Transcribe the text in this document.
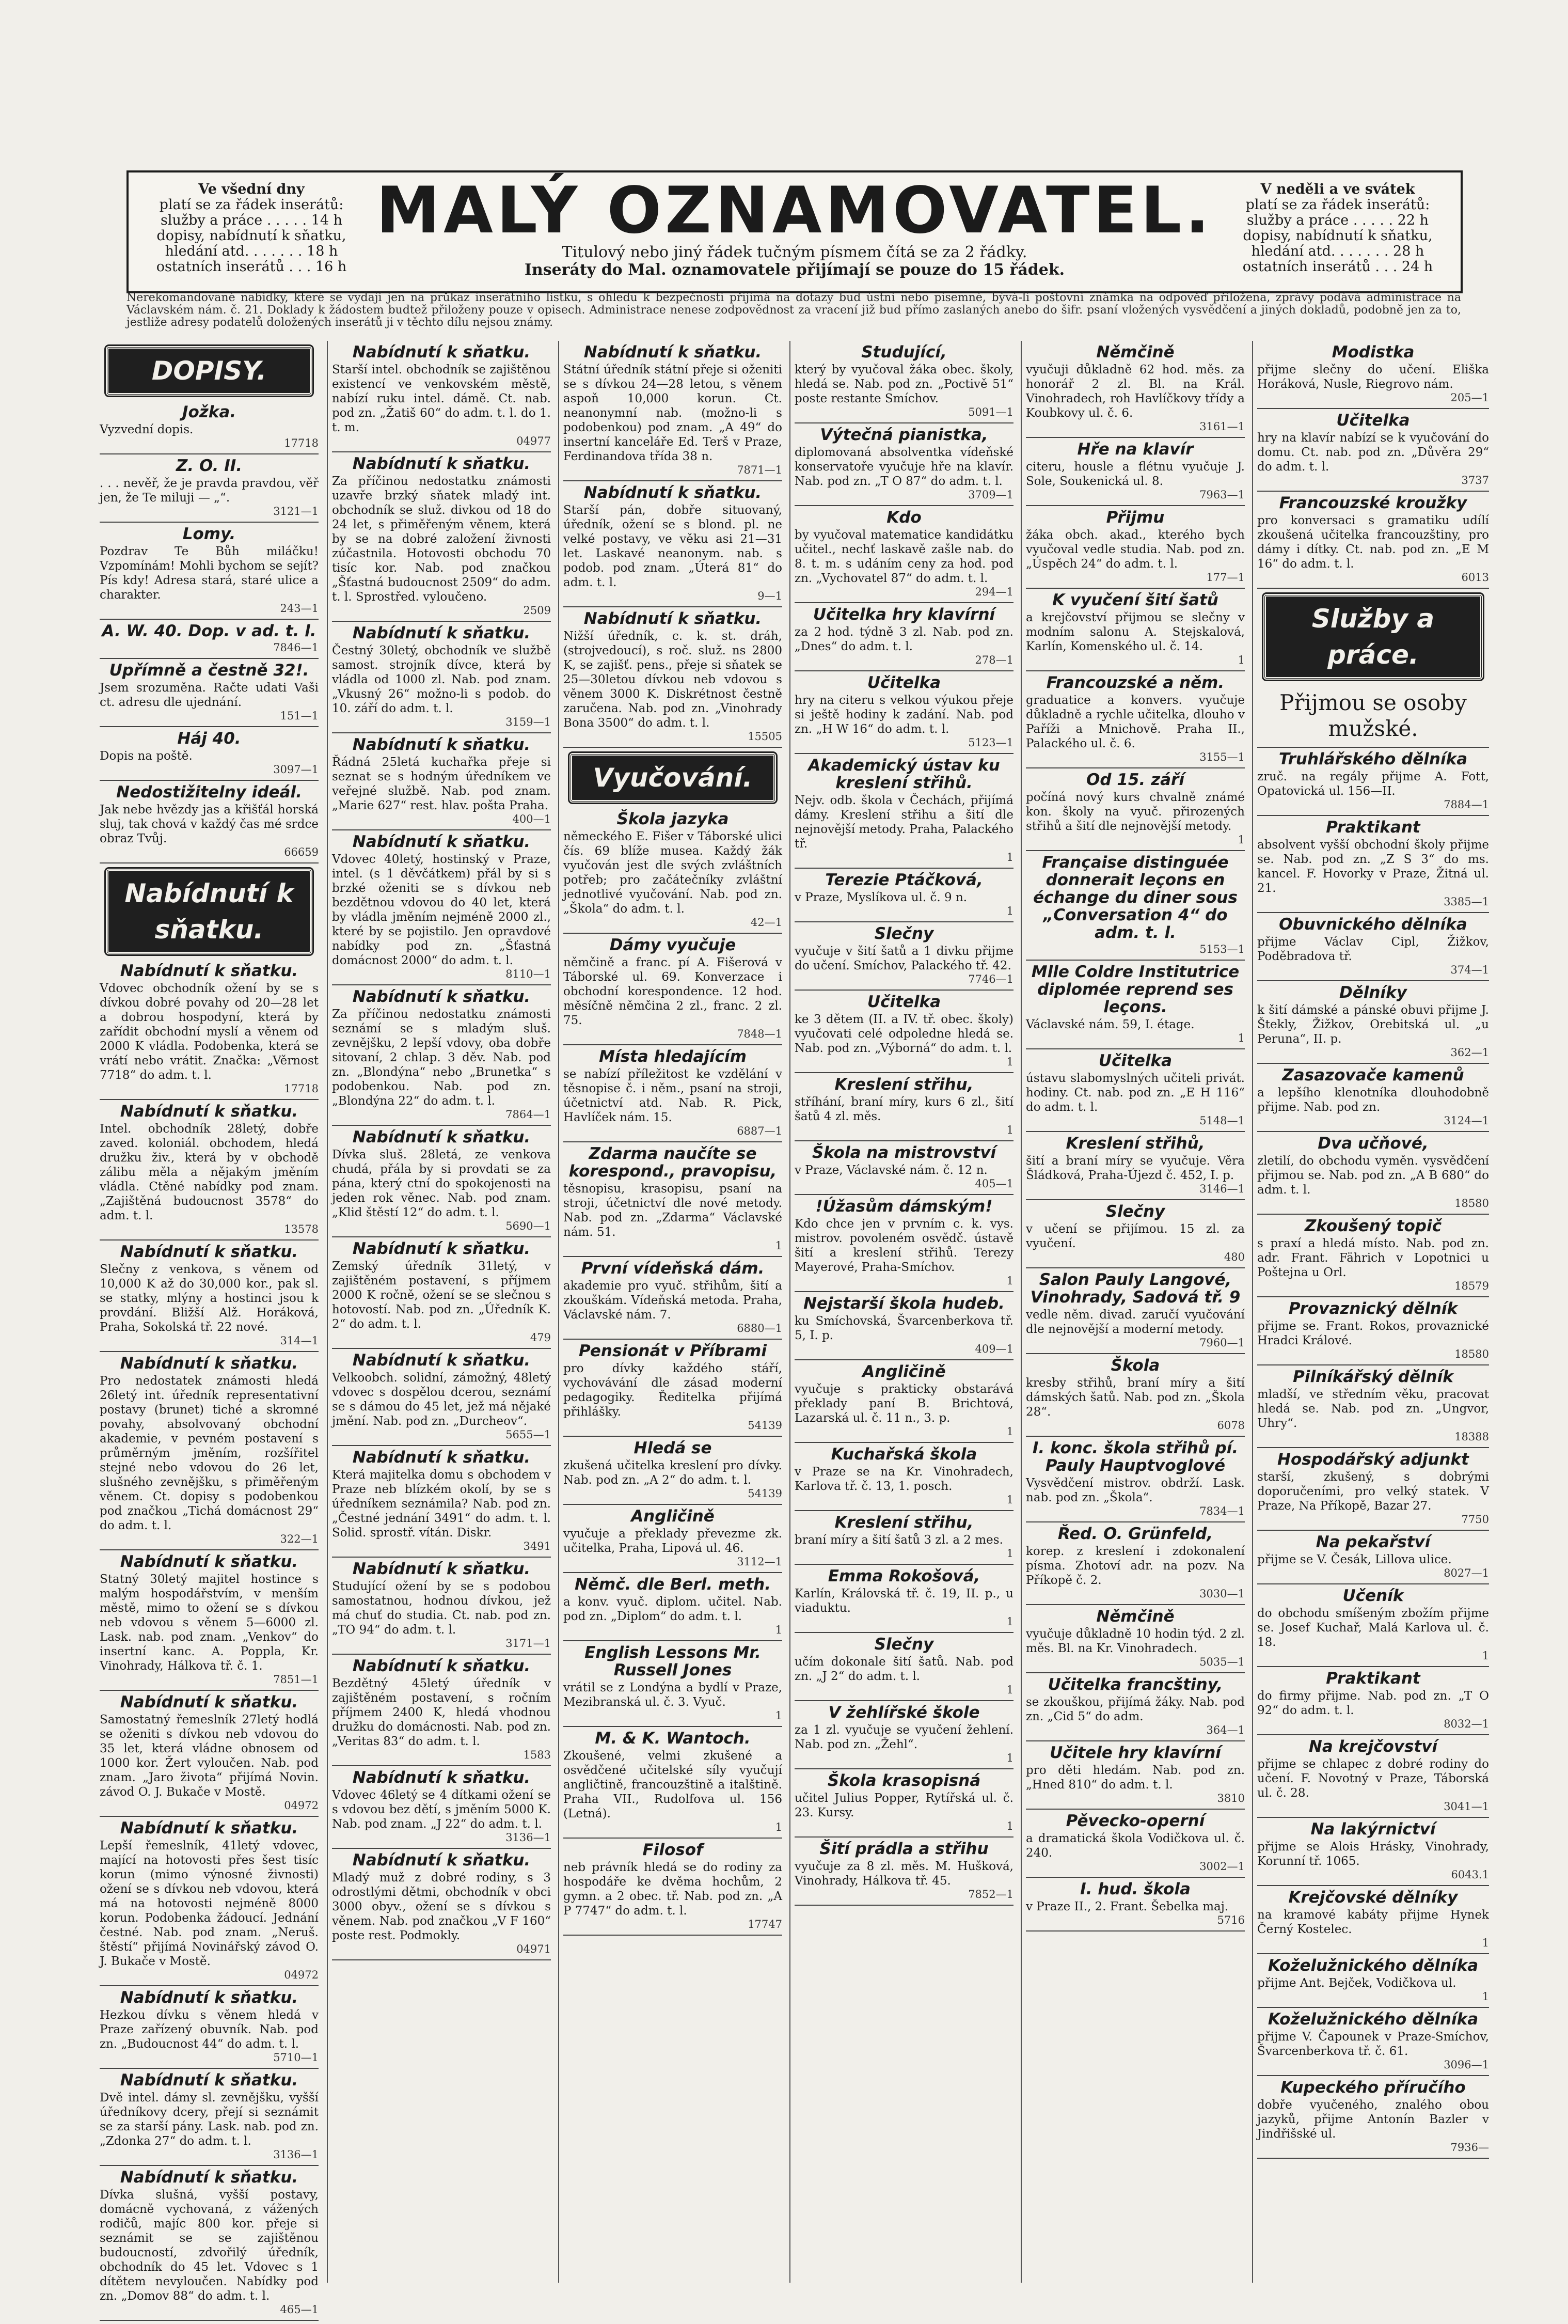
Ve všední dny
platí se za řádek inserátů:
služby a práce . . . . . 14 h
dopisy, nabídnutí k sňatku,
hledání atd. . . . . . . 18 h
ostatních inserátů . . . 16 h
MALÝ OZNAMOVATEL.
Titulový nebo jiný řádek tučným písmem čítá se za 2 řádky.
Inseráty do Mal. oznamovatele přijímají se pouze do 15 řádek.
V neděli a ve svátek
platí se za řádek inserátů:
služby a práce . . . . . 22 h
dopisy, nabídnutí k sňatku,
hledání atd. . . . . . . 28 h
ostatních inserátů . . . 24 h
Nerekomandované nabídky, které se vydají jen na průkaz inserátního lístku, s ohledu k bezpečnosti přijímá na dotazy bud ústní nebo písemné, bývá-li poštovní známka na odpověď přiložena, zprávy podává administrace na Václavském nám. č. 21. Doklady k žádostem budtež přiloženy pouze v opisech. Administrace nenese zodpovědnost za vracení již bud přímo zaslaných anebo do šifr. psaní vložených vysvědčení a jiných dokladů, podobně jen za to, jestliže adresy podatelů doložených inserátů ji v těchto dílu nejsou známy.
DOPISY.
Jožka.

Vyzvední dopis.

17718
Z. O. II.

. . . nevěř, že je pravda pravdou, věř jen, že Te miluji — „“.

3121—1
Lomy.

Pozdrav Te Bůh miláčku! Vzpomínám! Mohli bychom se sejít? Pís kdy! Adresa stará, staré ulice a charakter.

243—1
A. W. 40. Dop. v ad. t. l.
7846—1
Upřímně a čestně 32!.

Jsem srozuměna. Račte udati Vaši ct. adresu dle ujednání.

151—1
Háj 40.

Dopis na poště.

3097—1
Nedostižitelny ideál.

Jak nebe hvězdy jas a křišťál horská sluj, tak chová v každý čas mé srdce obraz Tvůj.

66659
Nabídnutí k sňatku.
Nabídnutí k sňatku.

Vdovec obchodník ožení by se s dívkou dobré povahy od 20—28 let a dobrou hospodyní, která by zařídit obchodní myslí a věnem od 2000 K vládla. Podobenka, která se vrátí nebo vrátit. Značka: „Věrnost 7718“ do adm. t. l.

17718
Nabídnutí k sňatku.

Intel. obchodník 28letý, dobře zaved. koloniál. obchodem, hledá družku živ., která by v obchodě zálibu měla a nějakým jměním vládla. Ctěné nabídky pod znam. „Zajištěná budoucnost 3578“ do adm. t. l.

13578
Nabídnutí k sňatku.

Slečny z venkova, s věnem od 10,000 K až do 30,000 kor., pak sl. se statky, mlýny a hostinci jsou k provdání. Bližší Alž. Horáková, Praha, Sokolská tř. 22 nové.

314—1
Nabídnutí k sňatku.

Pro nedostatek známosti hledá 26letý int. úředník representativní postavy (brunet) tiché a skromné povahy, absolvovaný obchodní akademie, v pevném postavení s průměrným jměním, rozšířitel stejné nebo vdovou do 26 let, slušného zevnějšku, s přiměřeným věnem. Ct. dopisy s podobenkou pod značkou „Tichá domácnost 29“ do adm. t. l.

322—1
Nabídnutí k sňatku.

Statný 30letý majitel hostince s malým hospodářstvím, v menším městě, mimo to ožení se s dívkou neb vdovou s věnem 5—6000 zl. Lask. nab. pod znam. „Venkov“ do insertní kanc. A. Poppla, Kr. Vinohrady, Hálkova tř. č. 1.

7851—1
Nabídnutí k sňatku.

Samostatný řemeslník 27letý hodlá se oženiti s dívkou neb vdovou do 35 let, která vládne obnosem od 1000 kor. Žert vyloučen. Nab. pod znam. „Jaro života“ přijímá Novin. závod O. J. Bukače v Mostě.

04972
Nabídnutí k sňatku.

Lepší řemeslník, 41letý vdovec, mající na hotovosti přes šest tisíc korun (mimo výnosné živnosti) ožení se s dívkou neb vdovou, která má na hotovosti nejméně 8000 korun. Podobenka žádoucí. Jednání čestné. Nab. pod znam. „Neruš. štěstí“ přijímá Novinářský závod O. J. Bukače v Mostě.

04972
Nabídnutí k sňatku.

Hezkou dívku s věnem hledá v Praze zařízený obuvník. Nab. pod zn. „Budoucnost 44“ do adm. t. l.

5710—1
Nabídnutí k sňatku.

Dvě intel. dámy sl. zevnějšku, vyšší úředníkovy dcery, přejí si seznámit se za starší pány. Lask. nab. pod zn. „Zdonka 27“ do adm. t. l.

3136—1
Nabídnutí k sňatku.

Dívka slušná, vyšší postavy, domácně vychovaná, z vážených rodičů, majíc 800 kor. přeje si seznámit se se zajištěnou budoucností, zdvořilý úředník, obchodník do 45 let. Vdovec s 1 dítětem nevyloučen. Nabídky pod zn. „Domov 88“ do adm. t. l.

465—1
Nabídnutí k sňatku.

Starší intel. obchodník se zajištěnou existencí ve venkovském městě, nabízí ruku intel. dámě. Ct. nab. pod zn. „Žatiš 60“ do adm. t. l. do 1. t. m.

04977
Nabídnutí k sňatku.

Za příčinou nedostatku známosti uzavře brzký sňatek mladý int. obchodník se služ. divkou od 18 do 24 let, s přiměřeným věnem, která by se na dobré založení živnosti zúčastnila. Hotovosti obchodu 70 tisíc kor. Nab. pod značkou „Šťastná budoucnost 2509“ do adm. t. l. Sprostřed. vyloučeno.

2509
Nabídnutí k sňatku.

Čestný 30letý, obchodník ve službě samost. strojník dívce, která by vládla od 1000 zl. Nab. pod znam. „Vkusný 26“ možno-li s podob. do 10. září do adm. t. l.

3159—1
Nabídnutí k sňatku.

Řádná 25letá kuchařka přeje si seznat se s hodným úředníkem ve veřejné službě. Nab. pod znam. „Marie 627“ rest. hlav. pošta Praha.

400—1
Nabídnutí k sňatku.

Vdovec 40letý, hostinský v Praze, intel. (s 1 děvčátkem) přál by si s brzké oženiti se s dívkou neb bezdětnou vdovou do 40 let, která by vládla jměním nejméně 2000 zl., které by se pojistilo. Jen opravdové nabídky pod zn. „Šťastná domácnost 2000“ do adm. t. l.

8110—1
Nabídnutí k sňatku.

Za příčinou nedostatku známosti seznámí se s mladým sluš. zevnějšku, 2 lepší vdovy, oba dobře sitovaní, 2 chlap. 3 děv. Nab. pod zn. „Blondýna“ nebo „Brunetka“ s podobenkou. Nab. pod zn. „Blondýna 22“ do adm. t. l.

7864—1
Nabídnutí k sňatku.

Dívka sluš. 28letá, ze venkova chudá, přála by si provdati se za pána, který ctní do spokojenosti na jeden rok věnec. Nab. pod znam. „Klid štěstí 12“ do adm. t. l.

5690—1
Nabídnutí k sňatku.

Zemský úředník 31letý, v zajištěném postavení, s příjmem 2000 K ročně, ožení se se slečnou s hotovostí. Nab. pod zn. „Úředník K. 2“ do adm. t. l.

479
Nabídnutí k sňatku.

Velkoobch. solidní, zámožný, 48letý vdovec s dospělou dcerou, seznámí se s dámou do 45 let, jež má nějaké jmění. Nab. pod zn. „Durcheov“.

5655—1
Nabídnutí k sňatku.

Která majitelka domu s obchodem v Praze neb blízkém okolí, by se s úředníkem seznámila? Nab. pod zn. „Čestné jednání 3491“ do adm. t. l. Solid. sprostř. vítán. Diskr.

3491
Nabídnutí k sňatku.

Studující ožení by se s podobou samostatnou, hodnou dívkou, jež má chuť do studia. Ct. nab. pod zn. „TO 94“ do adm. t. l.

3171—1
Nabídnutí k sňatku.

Bezdětný 45letý úředník v zajištěném postavení, s ročním příjmem 2400 K, hledá vhodnou družku do domácnosti. Nab. pod zn. „Veritas 83“ do adm. t. l.

1583
Nabídnutí k sňatku.

Vdovec 46letý se 4 dítkami ožení se s vdovou bez dětí, s jměním 5000 K. Nab. pod znam. „J 22“ do adm. t. l.

3136—1
Nabídnutí k sňatku.

Mladý muž z dobré rodiny, s 3 odrostlými dětmi, obchodník v obci 3000 obyv., ožení se s dívkou s věnem. Nab. pod značkou „V F 160“ poste rest. Podmokly.

04971
Nabídnutí k sňatku.

Státní úředník státní přeje si oženiti se s dívkou 24—28 letou, s věnem aspoň 10,000 korun. Ct. neanonymní nab. (možno-li s podobenkou) pod znam. „A 49“ do insertní kanceláře Ed. Terš v Praze, Ferdinandova třída 38 n.

7871—1
Nabídnutí k sňatku.

Starší pán, dobře situovaný, úředník, ožení se s blond. pl. ne velké postavy, ve věku asi 21—31 let. Laskavé neanonym. nab. s podob. pod znam. „Úterá 81“ do adm. t. l.

9—1
Nabídnutí k sňatku.

Nižší úředník, c. k. st. dráh, (strojvedoucí), s roč. služ. ns 2800 K, se zajišť. pens., přeje si sňatek se 25—30letou dívkou neb vdovou s věnem 3000 K. Diskrétnost čestně zaručena. Nab. pod zn. „Vinohrady Bona 3500“ do adm. t. l.

15505
Vyučování.
Škola jazyka

německého E. Fišer v Táborské ulici čís. 69 blíže musea. Každý žák vyučován jest dle svých zvláštních potřeb; pro začátečníky zvláštní jednotlivé vyučování. Nab. pod zn. „Škola“ do adm. t. l.

42—1
Dámy vyučuje

němčině a franc. pí A. Fišerová v Táborské ul. 69. Konverzace i obchodní korespondence. 12 hod. měsíčně němčina 2 zl., franc. 2 zl. 75.

7848—1
Místa hledajícím

se nabízí příležitost ke vzdělání v těsnopise č. i něm., psaní na stroji, účetnictví atd. Nab. R. Pick, Havlíček nám. 15.

6887—1
Zdarma naučíte se korespond., pravopisu,

těsnopisu, krasopisu, psaní na stroji, účetnictví dle nové metody. Nab. pod zn. „Zdarma“ Václavské nám. 51.

1
První vídeňská dám.

akademie pro vyuč. střihům, šití a zkouškám. Vídeňská metoda. Praha, Václavské nám. 7.

6880—1
Pensionát v Příbrami

pro dívky každého stáří, vychovávání dle zásad moderní pedagogiky. Ředitelka přijímá přihlášky.

54139
Hledá se

zkušená učitelka kreslení pro dívky. Nab. pod zn. „A 2“ do adm. t. l.

54139
Angličině

vyučuje a překlady převezme zk. učitelka, Praha, Lipová ul. 46.

3112—1
Němč. dle Berl. meth.

a konv. vyuč. diplom. učitel. Nab. pod zn. „Diplom“ do adm. t. l.

1
English Lessons Mr. Russell Jones

vrátil se z Londýna a bydlí v Praze, Mezibranská ul. č. 3. Vyuč.

1
M. & K. Wantoch.

Zkoušené, velmi zkušené a osvědčené učitelské síly vyučují angličtině, francouzštině a italštině. Praha VII., Rudolfova ul. 156 (Letná).

1
Filosof

neb právník hledá se do rodiny za hospodáře ke dvěma hochům, 2 gymn. a 2 obec. tř. Nab. pod zn. „A P 7747“ do adm. t. l.

17747
Studující,

který by vyučoval žáka obec. školy, hledá se. Nab. pod zn. „Poctivě 51“ poste restante Smíchov.

5091—1
Výtečná pianistka,

diplomovaná absolventka vídeňské konservatoře vyučuje hře na klavír. Nab. pod zn. „T O 87“ do adm. t. l.

3709—1
Kdo

by vyučoval matematice kandidátku učitel., nechť laskavě zašle nab. do 8. t. m. s udáním ceny za hod. pod zn. „Vychovatel 87“ do adm. t. l.

294—1
Učitelka hry klavírní

za 2 hod. týdně 3 zl. Nab. pod zn. „Dnes“ do adm. t. l.

278—1
Učitelka

hry na citeru s velkou výukou přeje si ještě hodiny k zadání. Nab. pod zn. „H W 16“ do adm. t. l.

5123—1
Akademický ústav ku kreslení střihů.

Nejv. odb. škola v Čechách, přijímá dámy. Kreslení střihu a šití dle nejnovější metody. Praha, Palackého tř.

1
Terezie Ptáčková,

v Praze, Myslíkova ul. č. 9 n.

1
Slečny

vyučuje v šití šatů a 1 divku přijme do učení. Smíchov, Palackého tř. 42.

7746—1
Učitelka

ke 3 dětem (II. a IV. tř. obec. školy) vyučovati celé odpoledne hledá se. Nab. pod zn. „Výborná“ do adm. t. l.

1
Kreslení střihu,

stříhání, braní míry, kurs 6 zl., šití šatů 4 zl. měs.

1
Škola na mistrovství

v Praze, Václavské nám. č. 12 n.

405—1
!Úžasům dámským!

Kdo chce jen v prvním c. k. vys. mistrov. povoleném osvědč. ústavě šití a kreslení střihů. Terezy Mayerové, Praha-Smíchov.

1
Nejstarší škola hudeb.

ku Smíchovská, Švarcenberkova tř. 5, I. p.

409—1
Angličině

vyučuje s prakticky obstarává překlady paní B. Brichtová, Lazarská ul. č. 11 n., 3. p.

1
Kuchařská škola

v Praze se na Kr. Vinohradech, Karlova tř. č. 13, 1. posch.

1
Kreslení střihu,

braní míry a šití šatů 3 zl. a 2 mes.

1
Emma Rokošová,

Karlín, Královská tř. č. 19, II. p., u viaduktu.

1
Slečny

učím dokonale šití šatů. Nab. pod zn. „J 2“ do adm. t. l.

1
V žehlířské škole

za 1 zl. vyučuje se vyučení žehlení. Nab. pod zn. „Žehl“.

1
Škola krasopisná

učitel Julius Popper, Rytířská ul. č. 23. Kursy.

1
Šití prádla a střihu

vyučuje za 8 zl. měs. M. Hušková, Vinohrady, Hálkova tř. 45.

7852—1
Němčině

vyučuji důkladně 62 hod. měs. za honorář 2 zl. Bl. na Král. Vinohradech, roh Havlíčkovy třídy a Koubkovy ul. č. 6.

3161—1
Hře na klavír

citeru, housle a flétnu vyučuje J. Sole, Soukenická ul. 8.

7963—1
Přijmu

žáka obch. akad., kterého bych vyučoval vedle studia. Nab. pod zn. „Úspěch 24“ do adm. t. l.

177—1
K vyučení šití šatů

a krejčovství přijmou se slečny v modním salonu A. Stejskalová, Karlín, Komenského ul. č. 14.

1
Francouzské a něm.

graduatice a konvers. vyučuje důkladně a rychle učitelka, dlouho v Paříži a Mnichově. Praha II., Palackého ul. č. 6.

3155—1
Od 15. září

počíná nový kurs chvalně známé kon. školy na vyuč. přirozených střihů a šití dle nejnovější metody.

1
Française distinguée donnerait leçons en échange du diner sous „Conversation 4“ do adm. t. l.
5153—1
Mlle Coldre Institutrice diplomée reprend ses leçons.

Václavské nám. 59, I. étage.

1
Učitelka

ústavu slabomyslných učiteli privát. hodiny. Ct. nab. pod zn. „E H 116“ do adm. t. l.

5148—1
Kreslení střihů,

šití a braní míry se vyučuje. Věra Šládková, Praha-Újezd č. 452, I. p.

3146—1
Slečny

v učení se přijímou. 15 zl. za vyučení.

480
Salon Pauly Langové, Vinohrady, Sadová tř. 9

vedle něm. divad. zaručí vyučování dle nejnovější a moderní metody.

7960—1
Škola

kresby střihů, braní míry a šití dámských šatů. Nab. pod zn. „Škola 28“.

6078
I. konc. škola střihů pí. Pauly Hauptvoglové

Vysvědčení mistrov. obdrží. Lask. nab. pod zn. „Škola“.

7834—1
Řed. O. Grünfeld,

korep. z kreslení i zdokonalení písma. Zhotoví adr. na pozv. Na Příkopě č. 2.

3030—1
Němčině

vyučuje důkladně 10 hodin týd. 2 zl. měs. Bl. na Kr. Vinohradech.

5035—1
Učitelka francštiny,

se zkouškou, přijímá žáky. Nab. pod zn. „Cid 5“ do adm.

364—1
Učitele hry klavírní

pro děti hledám. Nab. pod zn. „Hned 810“ do adm. t. l.

3810
Pěvecko-operní

a dramatická škola Vodičkova ul. č. 240.

3002—1
I. hud. škola

v Praze II., 2. Frant. Šebelka maj.

5716
Modistka

přijme slečny do učení. Eliška Horáková, Nusle, Riegrovo nám.

205—1
Učitelka

hry na klavír nabízí se k vyučování do domu. Ct. nab. pod zn. „Důvěra 29“ do adm. t. l.

3737
Francouzské kroužky

pro konversaci s gramatiku udílí zkoušená učitelka francouzštiny, pro dámy i dítky. Ct. nab. pod zn. „E M 16“ do adm. t. l.

6013
Služby a práce.
Přijmou se osoby mužské.
Truhlářského dělníka

zruč. na regály přijme A. Fott, Opatovická ul. 156—II.

7884—1
Praktikant

absolvent vyšší obchodní školy přijme se. Nab. pod zn. „Z S 3“ do ms. kancel. F. Hovorky v Praze, Žitná ul. 21.

3385—1
Obuvnického dělníka

přijme Václav Cipl, Žižkov, Poděbradova tř.

374—1
Dělníky

k šití dámské a pánské obuvi přijme J. Štekly, Žižkov, Orebitská ul. „u Peruna“, II. p.

362—1
Zasazovače kamenů

a lepšího klenotníka dlouhodobně přijme. Nab. pod zn.

3124—1
Dva učňové,

zletilí, do obchodu vyměn. vysvědčení přijmou se. Nab. pod zn. „A B 680“ do adm. t. l.

18580
Zkoušený topič

s praxí a hledá místo. Nab. pod zn. adr. Frant. Fährich v Lopotnici u Poštejna u Orl.

18579
Provaznický dělník

přijme se. Frant. Rokos, provaznické Hradci Králové.

18580
Pilníkářský dělník

mladší, ve středním věku, pracovat hledá se. Nab. pod zn. „Ungvor, Uhry“.

18388
Hospodářský adjunkt

starší, zkušený, s dobrými doporučeními, pro velký statek. V Praze, Na Příkopě, Bazar 27.

7750
Na pekařství

přijme se V. Česák, Lillova ulice.

8027—1
Učeník

do obchodu smíšeným zbožím přijme se. Josef Kuchař, Malá Karlova ul. č. 18.

1
Praktikant

do firmy přijme. Nab. pod zn. „T O 92“ do adm. t. l.

8032—1
Na krejčovství

přijme se chlapec z dobré rodiny do učení. F. Novotný v Praze, Táborská ul. č. 28.

3041—1
Na lakýrnictví

přijme se Alois Hrásky, Vinohrady, Korunní tř. 1065.

6043.1
Krejčovské dělníky

na kramové kabáty přijme Hynek Černý Kostelec.

1
Koželužnického dělníka

přijme Ant. Bejček, Vodičkova ul.

1
Koželužnického dělníka

přijme V. Čapounek v Praze-Smíchov, Švarcenberkova tř. č. 61.

3096—1
Kupeckého příručího

dobře vyučeného, znalého obou jazyků, přijme Antonín Bazler v Jindřišské ul.

7936—
